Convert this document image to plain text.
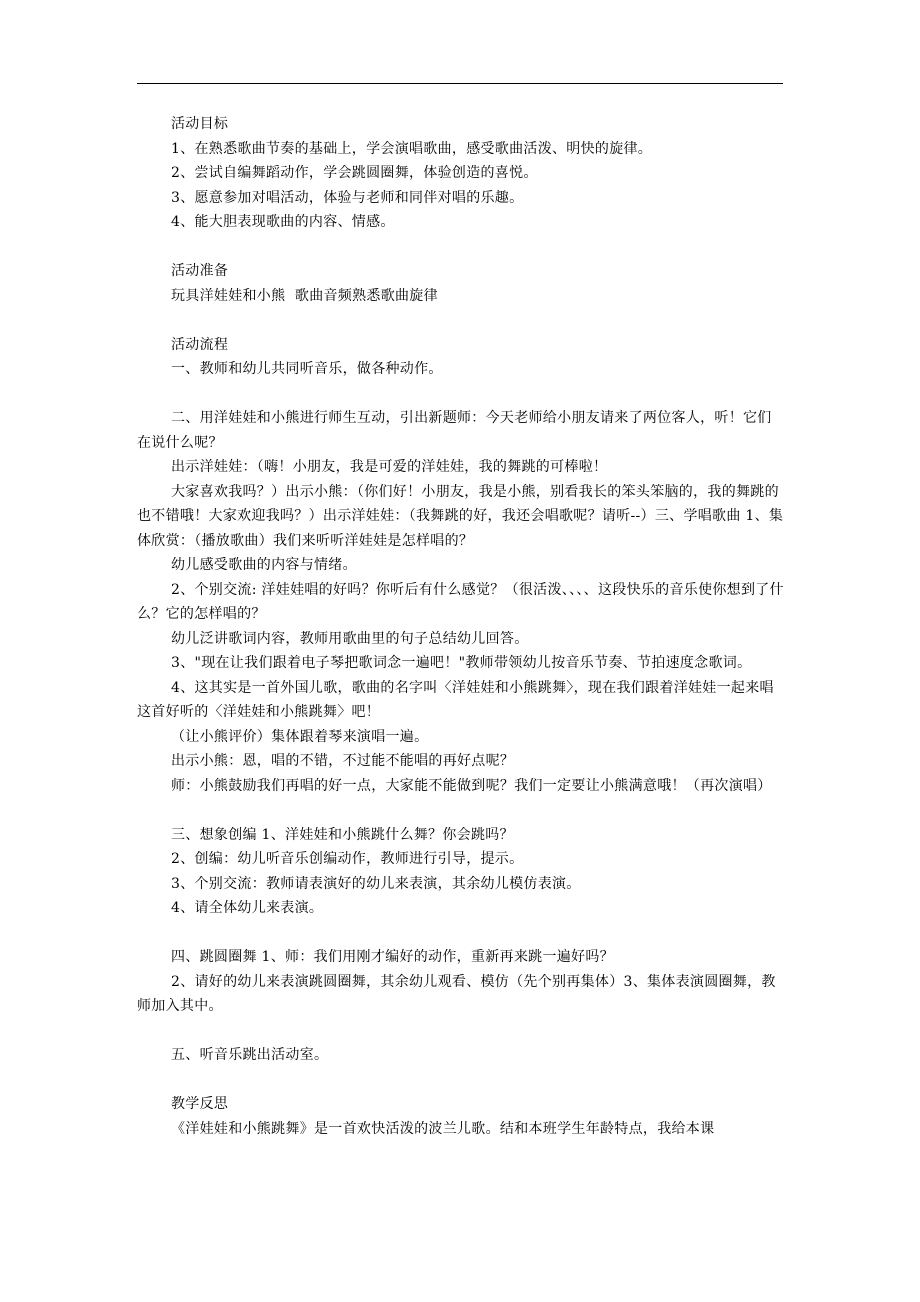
活动目标
1、在熟悉歌曲节奏的基础上，学会演唱歌曲，感受歌曲活泼、明快的旋律。
2、尝试自编舞蹈动作，学会跳圆圈舞，体验创造的喜悦。
3、愿意参加对唱活动，体验与老师和同伴对唱的乐趣。
4、能大胆表现歌曲的内容、情感。
活动准备
玩具洋娃娃和小熊  歌曲音频熟悉歌曲旋律
活动流程
一、教师和幼儿共同听音乐，做各种动作。
二、用洋娃娃和小熊进行师生互动，引出新题师：今天老师给小朋友请来了两位客人，听！它们在说什么呢？
出示洋娃娃：（嗨！小朋友，我是可爱的洋娃娃，我的舞跳的可棒啦！
大家喜欢我吗？）出示小熊：（你们好！小朋友，我是小熊，别看我长的笨头笨脑的，我的舞跳的也不错哦！大家欢迎我吗？）出示洋娃娃：（我舞跳的好，我还会唱歌呢？请听--）三、学唱歌曲 1、集体欣赏：（播放歌曲）我们来听听洋娃娃是怎样唱的？
幼儿感受歌曲的内容与情绪。
2、个别交流: 洋娃娃唱的好吗？你听后有什么感觉？（很活泼、、、、这段快乐的音乐使你想到了什么？它的怎样唱的？
幼儿泛讲歌词内容，教师用歌曲里的句子总结幼儿回答。
3、"现在让我们跟着电子琴把歌词念一遍吧！"教师带领幼儿按音乐节奏、节拍速度念歌词。
4、这其实是一首外国儿歌，歌曲的名字叫〈洋娃娃和小熊跳舞〉，现在我们跟着洋娃娃一起来唱这首好听的〈洋娃娃和小熊跳舞〉吧！
（让小熊评价）集体跟着琴来演唱一遍。
出示小熊：恩，唱的不错，不过能不能唱的再好点呢？
师：小熊鼓励我们再唱的好一点，大家能不能做到呢？我们一定要让小熊满意哦！（再次演唱）
三、想象创编 1、洋娃娃和小熊跳什么舞？你会跳吗？
2、创编：幼儿听音乐创编动作，教师进行引导，提示。
3、个别交流：教师请表演好的幼儿来表演，其余幼儿模仿表演。
4、请全体幼儿来表演。
四、跳圆圈舞 1、师：我们用刚才编好的动作，重新再来跳一遍好吗？
2、请好的幼儿来表演跳圆圈舞，其余幼儿观看、模仿（先个别再集体）3、集体表演圆圈舞，教师加入其中。
五、听音乐跳出活动室。
教学反思
《洋娃娃和小熊跳舞》是一首欢快活泼的波兰儿歌。结和本班学生年龄特点，我给本课
